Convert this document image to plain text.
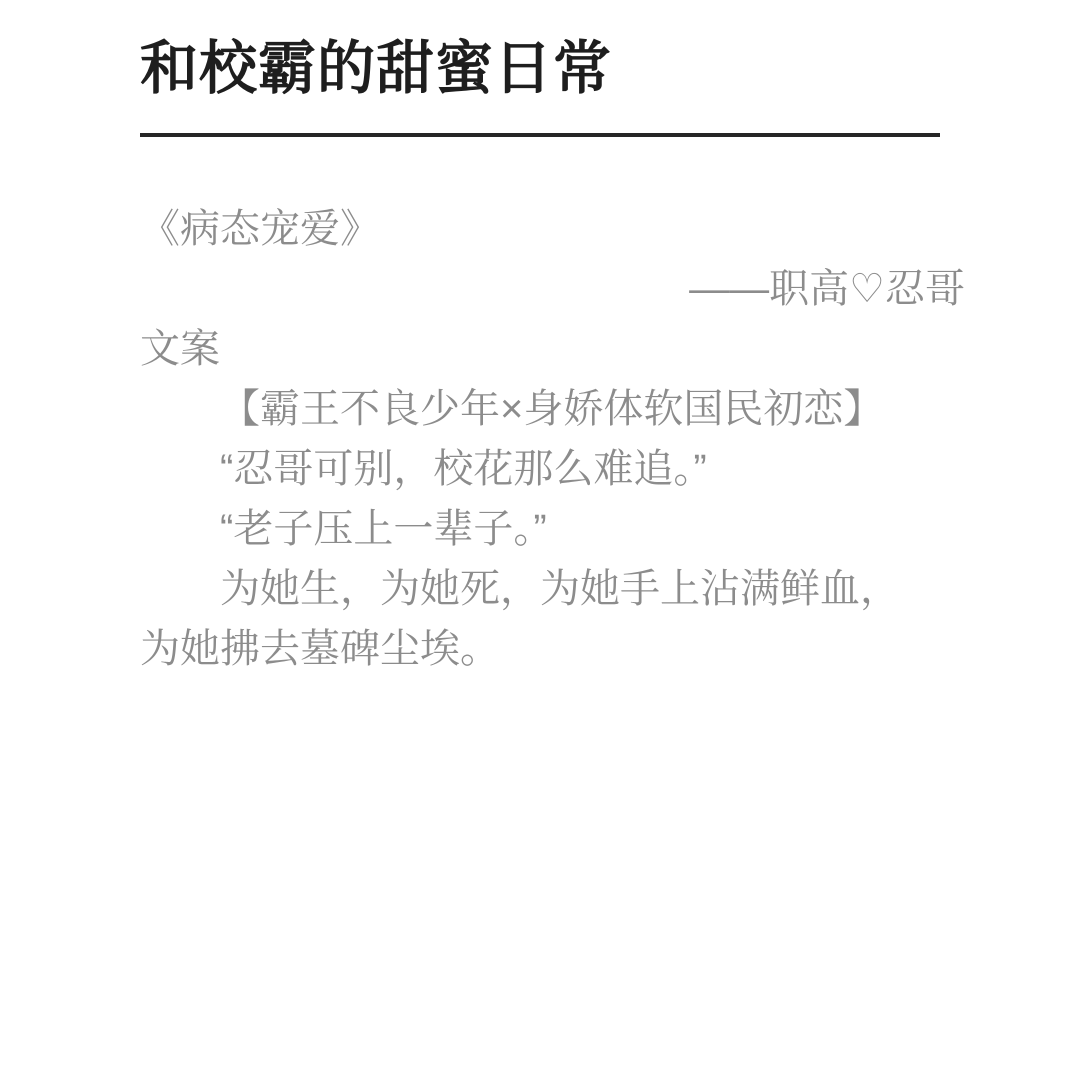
和校霸的甜蜜日常

《病态宠爱》

——职高♡忍哥

文案

【霸王不良少年×身娇体软国民初恋】

“忍哥可别，校花那么难追。”

“老子压上一辈子。”

为她生，为她死，为她手上沾满鲜血，

为她拂去墓碑尘埃。
